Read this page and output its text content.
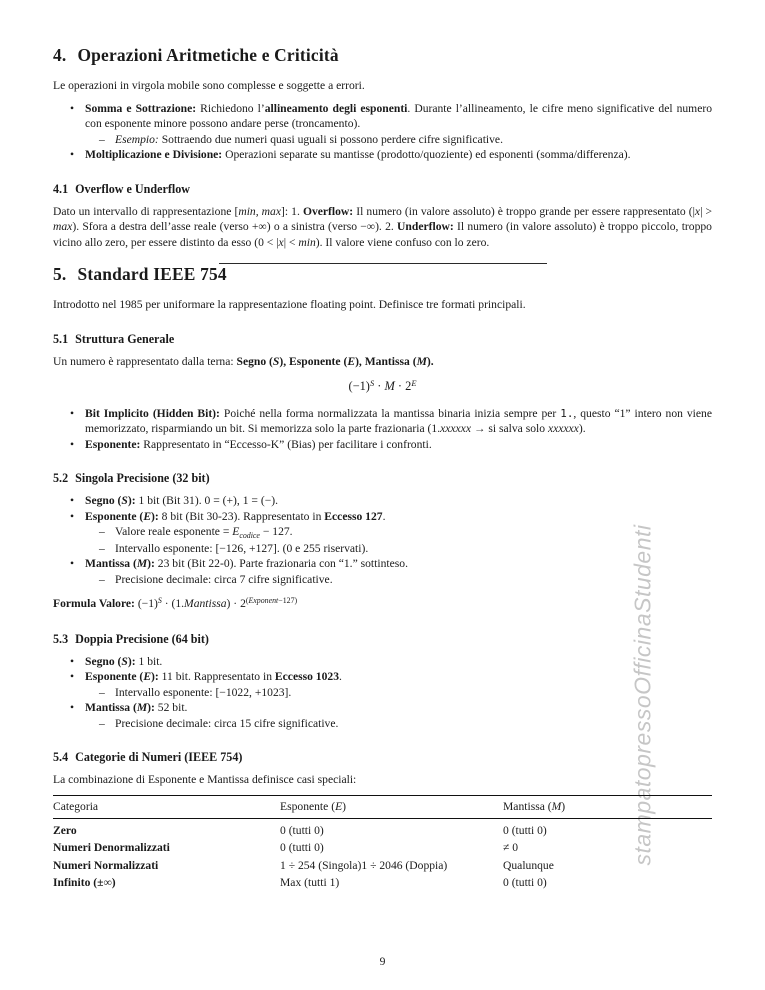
stampatopressoOfficinaStudenti
4. Operazioni Aritmetiche e Criticità

Le operazioni in virgola mobile sono complesse e soggette a errori.

• Somma e Sottrazione: Richiedono l’allineamento degli esponenti. Durante l’allineamento, le cifre meno significative del numero con esponente minore possono andare perse (troncamento).
– Esempio: Sottraendo due numeri quasi uguali si possono perdere cifre significative.
• Moltiplicazione e Divisione: Operazioni separate su mantisse (prodotto/quoziente) ed esponenti (somma/differenza).
4.1 Overflow e Underflow

Dato un intervallo di rappresentazione [min, max]: 1. Overflow: Il numero (in valore assoluto) è troppo grande per essere rappresentato (|x| > max). Sfora a destra dell’asse reale (verso +∞) o a sinistra (verso −∞). 2. Underflow: Il numero (in valore assoluto) è troppo piccolo, troppo vicino allo zero, per essere distinto da esso (0 < |x| < min). Il valore viene confuso con lo zero.

5. Standard IEEE 754

Introdotto nel 1985 per uniformare la rappresentazione floating point. Definisce tre formati principali.

5.1 Struttura Generale

Un numero è rappresentato dalla terna: Segno (S), Esponente (E), Mantissa (M).

$(-1)^S \cdot M \cdot 2^E$
• Bit Implicito (Hidden Bit): Poiché nella forma normalizzata la mantissa binaria inizia sempre per 1., questo “1” intero non viene memorizzato, risparmiando un bit. Si memorizza solo la parte frazionaria (1.xxxxxx → si salva solo xxxxxx).
• Esponente: Rappresentato in “Eccesso-K” (Bias) per facilitare i confronti.
5.2 Singola Precisione (32 bit)
• Segno (S): 1 bit (Bit 31). 0 = (+), 1 = (−).
• Esponente (E): 8 bit (Bit 30-23). Rappresentato in Eccesso 127.
– Valore reale esponente = $E_{codice} - 127$.
– Intervallo esponente: [−126, +127]. (0 e 255 riservati).
• Mantissa (M): 23 bit (Bit 22-0). Parte frazionaria con “1.” sottinteso.
– Precisione decimale: circa 7 cifre significative.

Formula Valore: $(-1)^S$ · (1.Mantissa) · $2^{(Exponent-127)}$

5.3 Doppia Precisione (64 bit)
• Segno (S): 1 bit.
• Esponente (E): 11 bit. Rappresentato in Eccesso 1023.
– Intervallo esponente: [−1022, +1023].
• Mantissa (M): 52 bit.
– Precisione decimale: circa 15 cifre significative.
5.4 Categorie di Numeri (IEEE 754)

La combinazione di Esponente e Mantissa definisce casi speciali:

Categoria	Esponente (E)	Mantissa (M)
Zero	0 (tutti 0)	0 (tutti 0)
Numeri Denormalizzati	0 (tutti 0)	≠ 0
Numeri Normalizzati	1 ÷ 254 (Singola)1 ÷ 2046 (Doppia)	Qualunque
Infinito (±∞)	Max (tutti 1)	0 (tutti 0)
9
